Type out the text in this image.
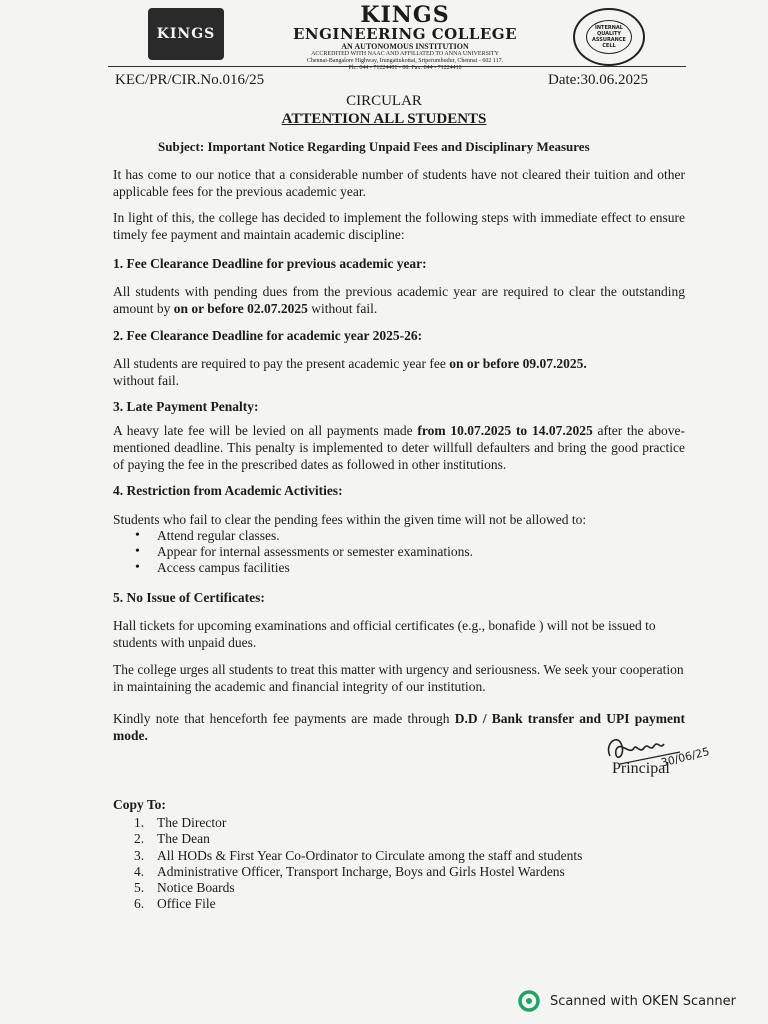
KINGS
KINGS
ENGINEERING COLLEGE
AN AUTONOMOUS INSTITUTION
ACCREDITED WITH NAAC AND AFFILIATED TO ANNA UNIVERSITY
Chennai-Bangalore Highway, Irungattukottai, Sriperumbudur, Chennai - 602 117.
Ph.: 044 - 71224401 - 08. Fax: 044 - 71224410
INTERNAL QUALITY ASSURANCE CELL
KEC/PR/CIR.No.016/25	Date:30.06.2025
CIRCULAR
ATTENTION ALL STUDENTS
Subject: Important Notice Regarding Unpaid Fees and Disciplinary Measures
It has come to our notice that a considerable number of students have not cleared their tuition and other applicable fees for the previous academic year.
In light of this, the college has decided to implement the following steps with immediate effect to ensure timely fee payment and maintain academic discipline:
1. Fee Clearance Deadline for previous academic year:
All students with pending dues from the previous academic year are required to clear the outstanding amount by on or before 02.07.2025 without fail.
2. Fee Clearance Deadline for academic year 2025-26:
All students are required to pay the present academic year fee on or before 09.07.2025.
without fail.
3. Late Payment Penalty:
A heavy late fee will be levied on all payments made from 10.07.2025 to 14.07.2025 after the above-mentioned deadline. This penalty is implemented to deter willfull defaulters and bring the good practice of paying the fee in the prescribed dates as followed in other institutions.
4. Restriction from Academic Activities:
Students who fail to clear the pending fees within the given time will not be allowed to:
• Attend regular classes.
• Appear for internal assessments or semester examinations.
• Access campus facilities
5. No Issue of Certificates:
Hall tickets for upcoming examinations and official certificates (e.g., bonafide ) will not be issued to students with unpaid dues.
The college urges all students to treat this matter with urgency and seriousness. We seek your cooperation in maintaining the academic and financial integrity of our institution.
Kindly note that henceforth fee payments are made through D.D / Bank transfer and UPI payment mode.
30/06/25
Principal
Copy To:
1. The Director
2. The Dean
3. All HODs & First Year Co-Ordinator to Circulate among the staff and students
4. Administrative Officer, Transport Incharge, Boys and Girls Hostel Wardens
5. Notice Boards
6. Office File
Scanned with OKEN Scanner
